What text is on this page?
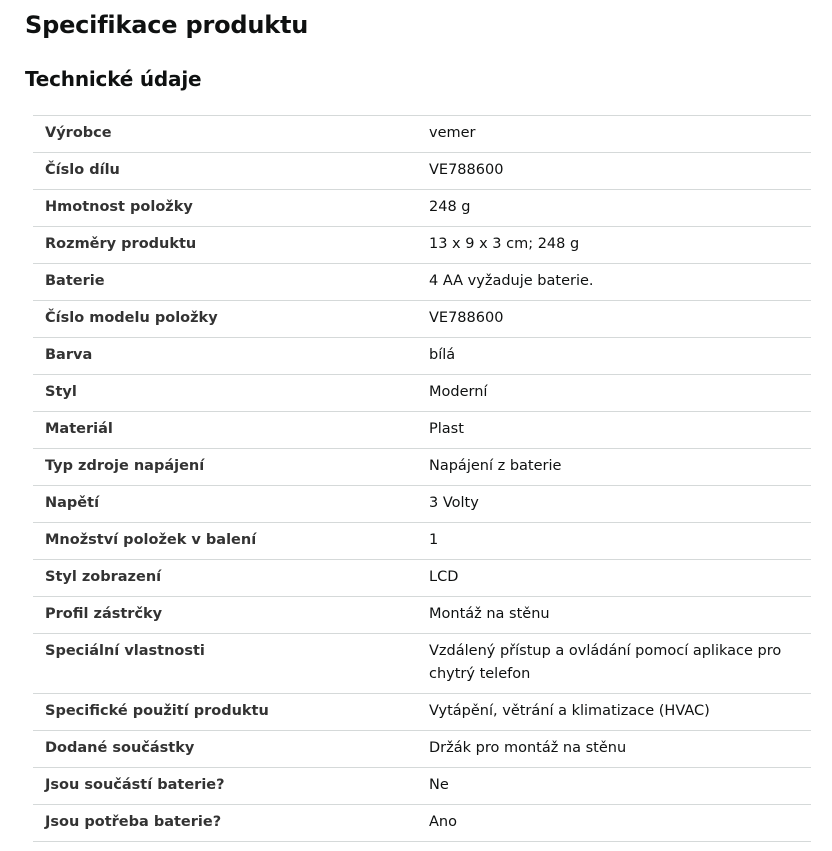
Specifikace produktu
Technické údaje
Výrobce	vemer

Číslo dílu	VE788600

Hmotnost položky	248 g

Rozměry produktu	13 x 9 x 3 cm; 248 g

Baterie	4 AA vyžaduje baterie.

Číslo modelu položky	VE788600

Barva	bílá

Styl	Moderní

Materiál	Plast

Typ zdroje napájení	Napájení z baterie

Napětí	3 Volty

Množství položek v balení	1

Styl zobrazení	LCD

Profil zástrčky	Montáž na stěnu

Speciální vlastnosti	Vzdálený přístup a ovládání pomocí aplikace pro chytrý telefon

Specifické použití produktu	Vytápění, větrání a klimatizace (HVAC)

Dodané součástky	Držák pro montáž na stěnu

Jsou součástí baterie?	Ne

Jsou potřeba baterie?	Ano
